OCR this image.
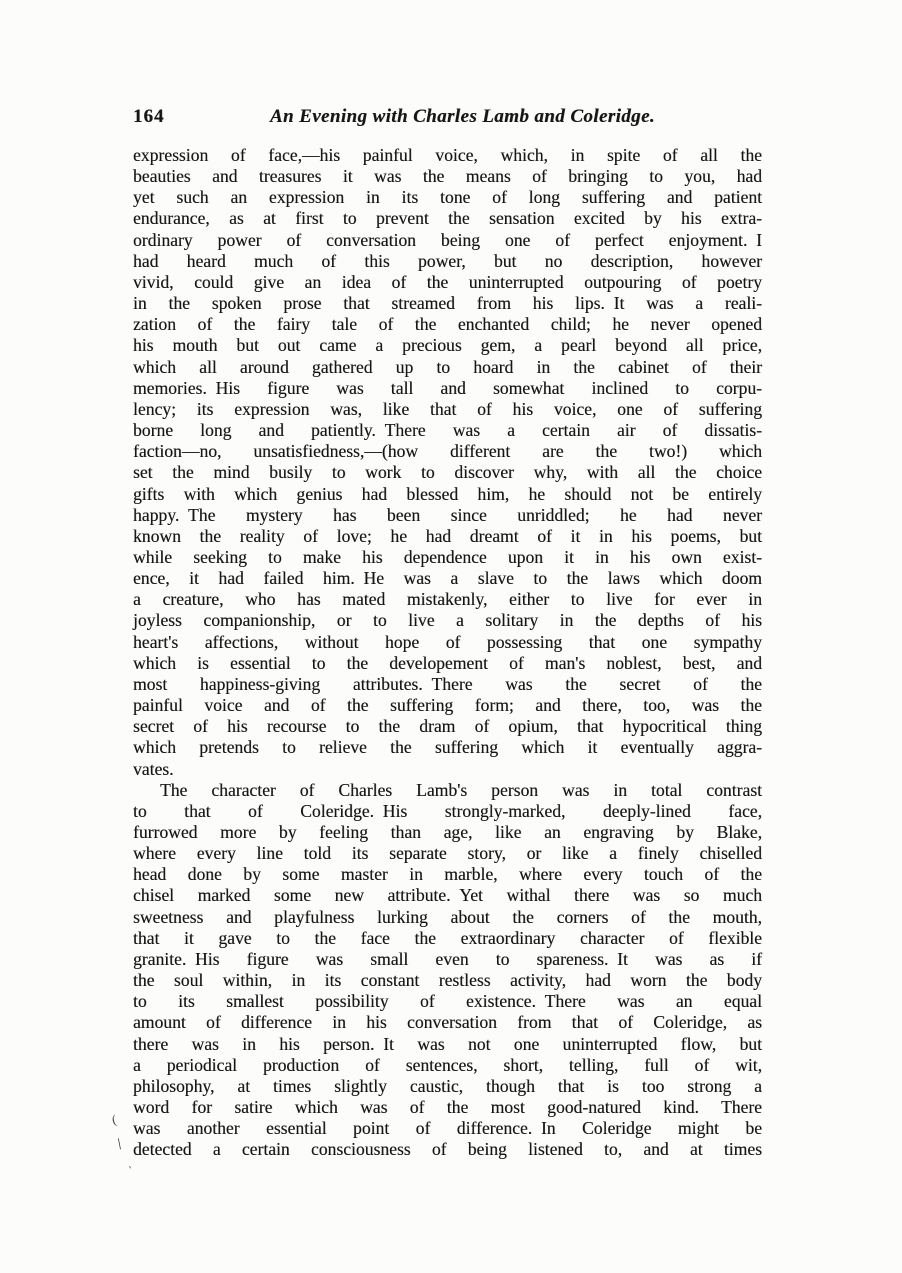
164	An Evening with Charles Lamb and Coleridge.
expression of face,—his painful voice, which, in spite of all the
beauties and treasures it was the means of bringing to you, had
yet such an expression in its tone of long suffering and patient
endurance, as at first to prevent the sensation excited by his extra-
ordinary power of conversation being one of perfect enjoyment. I
had heard much of this power, but no description, however
vivid, could give an idea of the uninterrupted outpouring of poetry
in the spoken prose that streamed from his lips. It was a reali-
zation of the fairy tale of the enchanted child; he never opened
his mouth but out came a precious gem, a pearl beyond all price,
which all around gathered up to hoard in the cabinet of their
memories. His figure was tall and somewhat inclined to corpu-
lency; its expression was, like that of his voice, one of suffering
borne long and patiently. There was a certain air of dissatis-
faction—no, unsatisfiedness,—(how different are the two!) which
set the mind busily to work to discover why, with all the choice
gifts with which genius had blessed him, he should not be entirely
happy. The mystery has been since unriddled; he had never
known the reality of love; he had dreamt of it in his poems, but
while seeking to make his dependence upon it in his own exist-
ence, it had failed him. He was a slave to the laws which doom
a creature, who has mated mistakenly, either to live for ever in
joyless companionship, or to live a solitary in the depths of his
heart's affections, without hope of possessing that one sympathy
which is essential to the developement of man's noblest, best, and
most happiness-giving attributes. There was the secret of the
painful voice and of the suffering form; and there, too, was the
secret of his recourse to the dram of opium, that hypocritical thing
which pretends to relieve the suffering which it eventually aggra-
vates.
The character of Charles Lamb's person was in total contrast
to that of Coleridge. His strongly-marked, deeply-lined face,
furrowed more by feeling than age, like an engraving by Blake,
where every line told its separate story, or like a finely chiselled
head done by some master in marble, where every touch of the
chisel marked some new attribute. Yet withal there was so much
sweetness and playfulness lurking about the corners of the mouth,
that it gave to the face the extraordinary character of flexible
granite. His figure was small even to spareness. It was as if
the soul within, in its constant restless activity, had worn the body
to its smallest possibility of existence. There was an equal
amount of difference in his conversation from that of Coleridge, as
there was in his person. It was not one uninterrupted flow, but
a periodical production of sentences, short, telling, full of wit,
philosophy, at times slightly caustic, though that is too strong a
word for satire which was of the most good-natured kind. There
was another essential point of difference. In Coleridge might be
detected a certain consciousness of being listened to, and at times
(
\
ˎ
